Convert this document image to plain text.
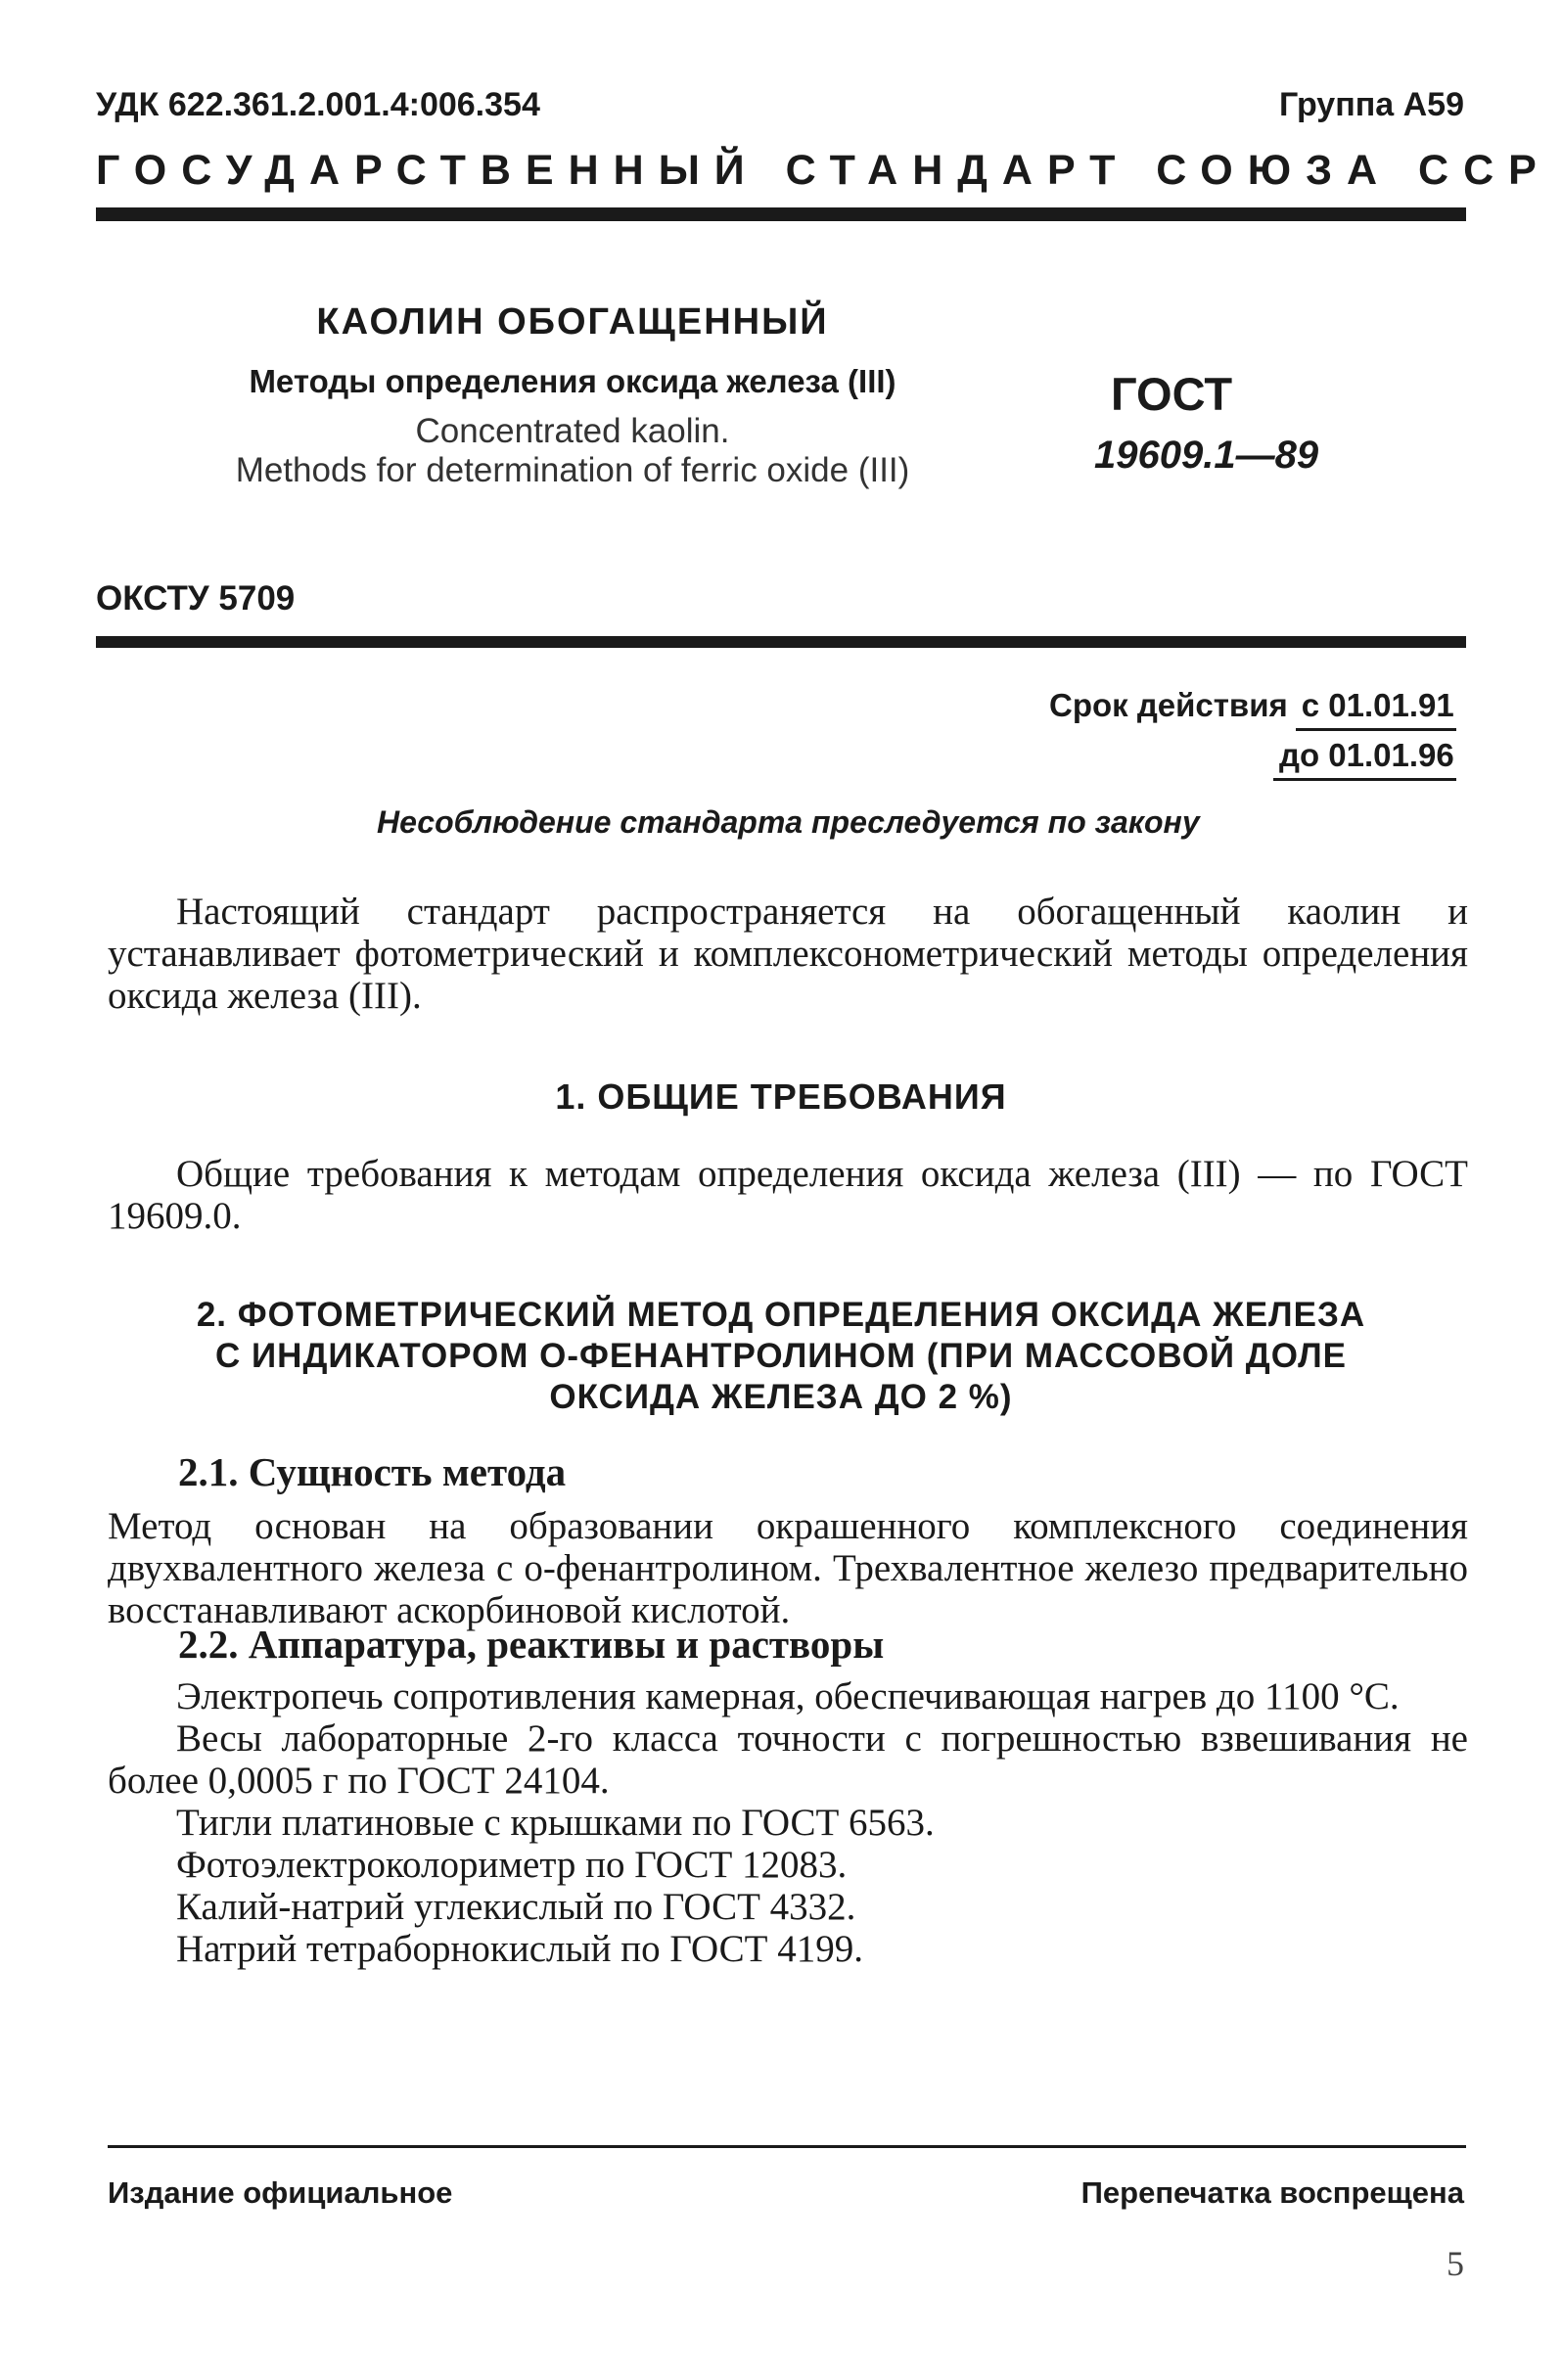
УДК 622.361.2.001.4:006.354	Группа А59
ГОСУДАРСТВЕННЫЙ СТАНДАРТ СОЮЗА ССР
КАОЛИН ОБОГАЩЕННЫЙ
Методы определения оксида железа (III)
Concentrated kaolin.
Methods for determination of ferric oxide (III)
ГОСТ
19609.1—89
ОКСТУ 5709
Срок действия с 01.01.91
до 01.01.96
Несоблюдение стандарта преследуется по закону
Настоящий стандарт распространяется на обогащенный каолин и устанавливает фотометрический и комплексонометрический методы определения оксида железа (III).
1. ОБЩИЕ ТРЕБОВАНИЯ
Общие требования к методам определения оксида железа (III) — по ГОСТ 19609.0.
2. ФОТОМЕТРИЧЕСКИЙ МЕТОД ОПРЕДЕЛЕНИЯ ОКСИДА ЖЕЛЕЗА
С ИНДИКАТОРОМ О-ФЕНАНТРОЛИНОМ (ПРИ МАССОВОЙ ДОЛЕ
ОКСИДА ЖЕЛЕЗА ДО 2 %)
2.1. Сущность метода
Метод основан на образовании окрашенного комплексного соединения двухвалентного железа с о-фенантролином. Трехвалентное железо предварительно восстанавливают аскорбиновой кислотой.
2.2. Аппаратура, реактивы и растворы

Электропечь сопротивления камерная, обеспечивающая нагрев до 1100 °С.

Весы лабораторные 2-го класса точности с погрешностью взвешивания не более 0,0005 г по ГОСТ 24104.

Тигли платиновые с крышками по ГОСТ 6563.

Фотоэлектроколориметр по ГОСТ 12083.

Калий-натрий углекислый по ГОСТ 4332.

Натрий тетраборнокислый по ГОСТ 4199.

Издание официальное	Перепечатка воспрещена
5
